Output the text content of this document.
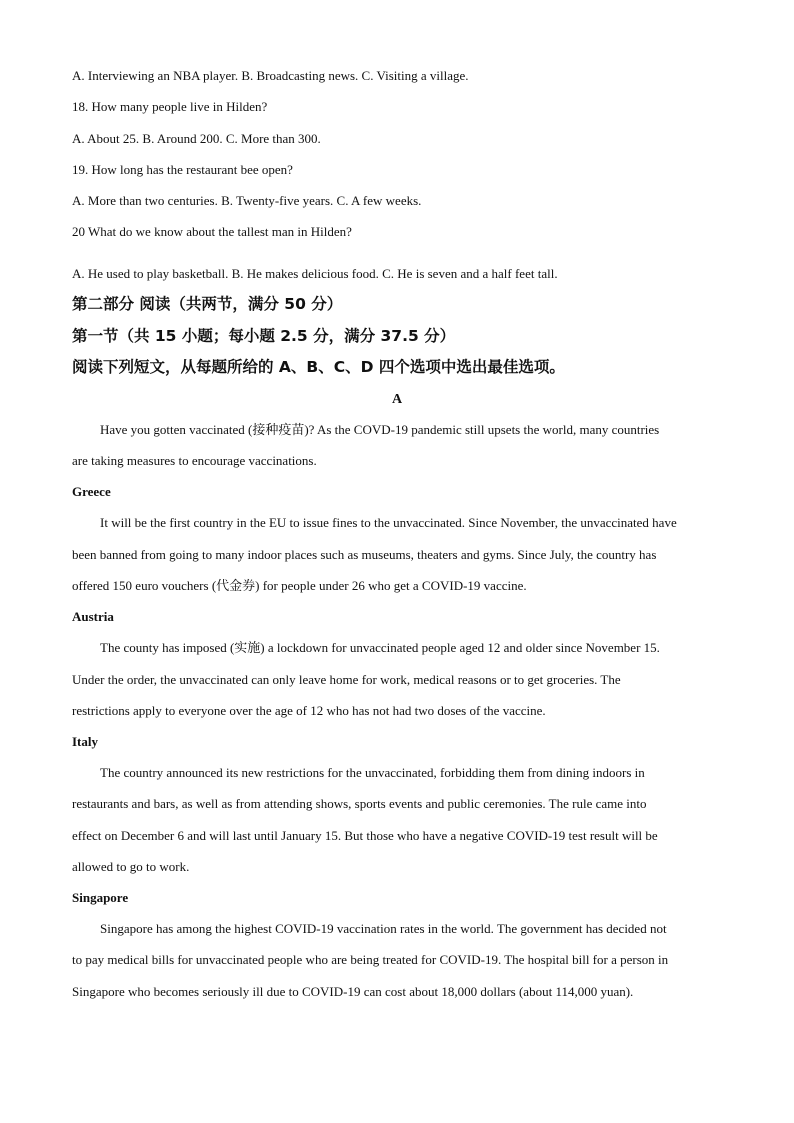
A. Interviewing an NBA player. B. Broadcasting news. C. Visiting a village.
18. How many people live in Hilden?
A. About 25. B. Around 200. C. More than 300.
19. How long has the restaurant bee open?
A. More than two centuries. B. Twenty-five years. C. A few weeks.
20 What do we know about the tallest man in Hilden?
A. He used to play basketball. B. He makes delicious food. C. He is seven and a half feet tall.
第二部分 阅读（共两节，满分 50 分）
第一节（共 15 小题；每小题 2.5 分，满分 37.5 分）
阅读下列短文，从每题所给的 A、B、C、D 四个选项中选出最佳选项。
A
Have you gotten vaccinated (接种疫苗)? As the COVD-19 pandemic still upsets the world, many countries
are taking measures to encourage vaccinations.
Greece
It will be the first country in the EU to issue fines to the unvaccinated. Since November, the unvaccinated have
been banned from going to many indoor places such as museums, theaters and gyms. Since July, the country has
offered 150 euro vouchers (代金券) for people under 26 who get a COVID-19 vaccine.
Austria
The county has imposed (实施) a lockdown for unvaccinated people aged 12 and older since November 15.
Under the order, the unvaccinated can only leave home for work, medical reasons or to get groceries. The
restrictions apply to everyone over the age of 12 who has not had two doses of the vaccine.
Italy
The country announced its new restrictions for the unvaccinated, forbidding them from dining indoors in
restaurants and bars, as well as from attending shows, sports events and public ceremonies. The rule came into
effect on December 6 and will last until January 15. But those who have a negative COVID-19 test result will be
allowed to go to work.
Singapore
Singapore has among the highest COVID-19 vaccination rates in the world. The government has decided not
to pay medical bills for unvaccinated people who are being treated for COVID-19. The hospital bill for a person in
Singapore who becomes seriously ill due to COVID-19 can cost about 18,000 dollars (about 114,000 yuan).
